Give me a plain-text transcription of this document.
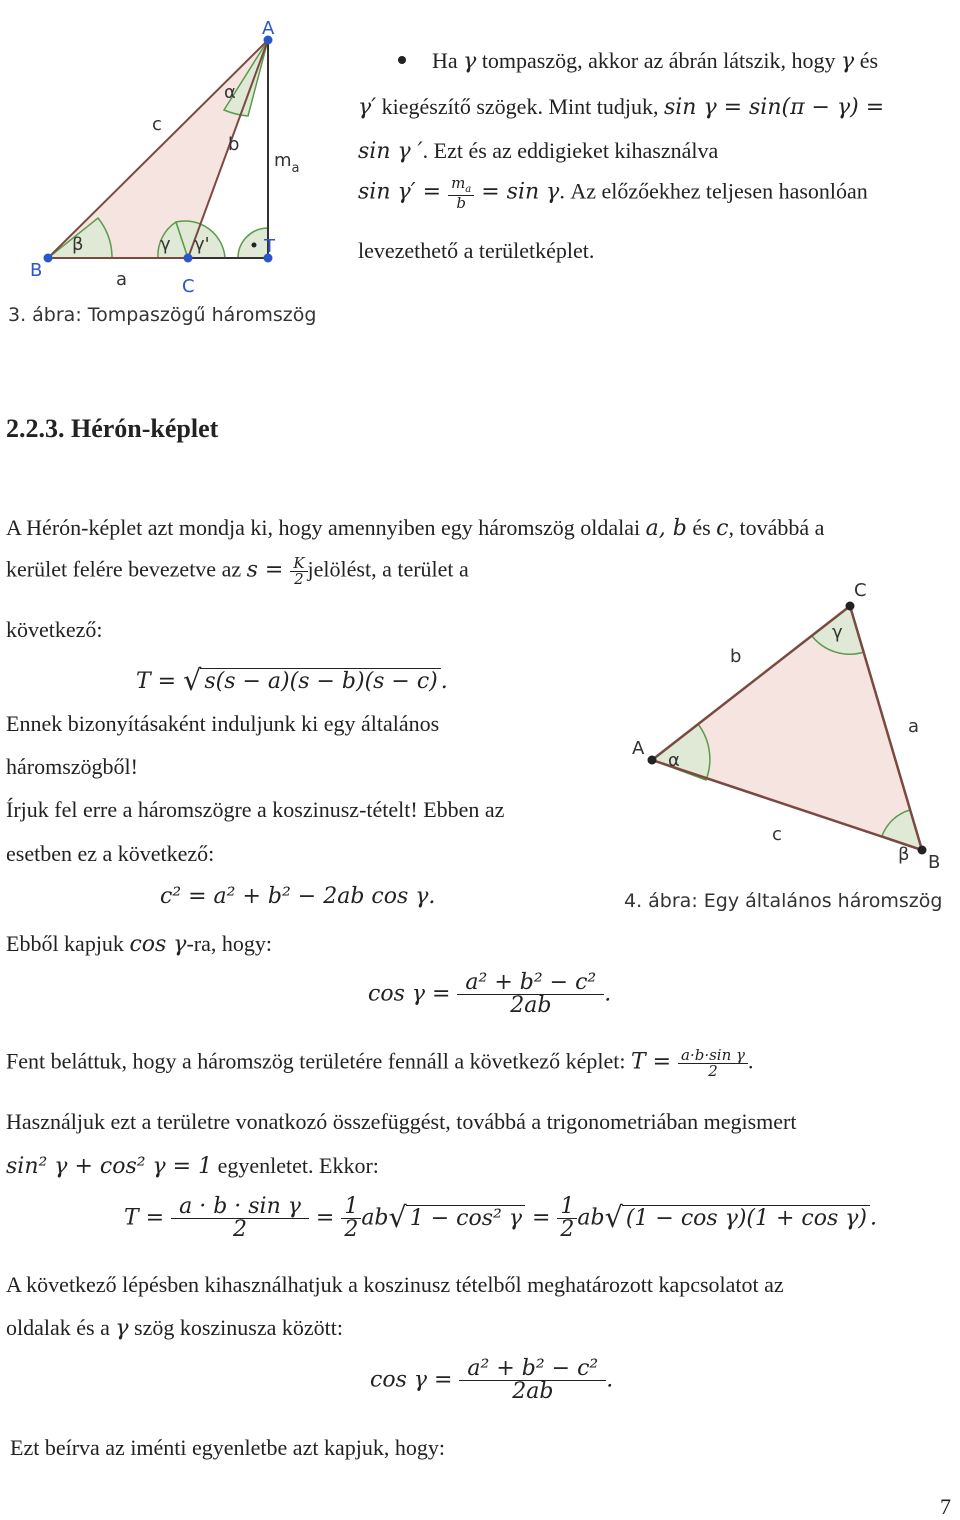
A
B
C
T
a
b
c
$m_a$
α
β	γ γ'
3. ábra: Tompaszögű háromszög
Ha γ tompaszög, akkor az ábrán látszik, hogy γ és
γ′ kiegészítő szögek. Mint tudjuk, sin γ = sin(π − γ) =
sin γ ′. Ezt és az eddigieket kihasználva
$\sin \gamma' = \frac{m_a}{b} = \sin \gamma$. Az előzőekhez teljesen hasonlóan
levezethető a területképlet.
2.2.3. Hérón-képlet
A Hérón-képlet azt mondja ki, hogy amennyiben egy háromszög oldalai a, b és c, továbbá a
kerület felére bevezetve az $s = \frac{K}{2}$ jelölést, a terület a
következő:
T = √ s(s − a)(s − b)(s − c) .
A
B
C
a
b
c
α
β
γ
4. ábra: Egy általános háromszög
Ennek bizonyításaként induljunk ki egy általános
háromszögből!
Írjuk fel erre a háromszögre a koszinusz-tételt! Ebben az
esetben ez a következő:
c² = a² + b² − 2ab cos γ.
Ebből kapjuk cos γ-ra, hogy:
$\cos \gamma = \frac{\text{a² + b² − c²}}{2ab}$ .
Fent beláttuk, hogy a háromszög területére fennáll a következő képlet: $T = \frac{\text{a·b·sin γ}}{2}$ .
Használjuk ezt a területre vonatkozó összefüggést, továbbá a trigonometriában megismert
sin² γ + cos² γ = 1 egyenletet. Ekkor:
$T = \frac{\text{a · b · sin γ}}{2} = \frac{1}{2} ab√$ 1 − cos² $\gamma = \frac{1}{2} ab√$ (1 − cos γ)(1 + cos γ) .
A következő lépésben kihasználhatjuk a koszinusz tételből meghatározott kapcsolatot az
oldalak és a γ szög koszinusza között:
$\cos \gamma = \frac{\text{a² + b² − c²}}{2ab}$ .
Ezt beírva az iménti egyenletbe azt kapjuk, hogy:
7
